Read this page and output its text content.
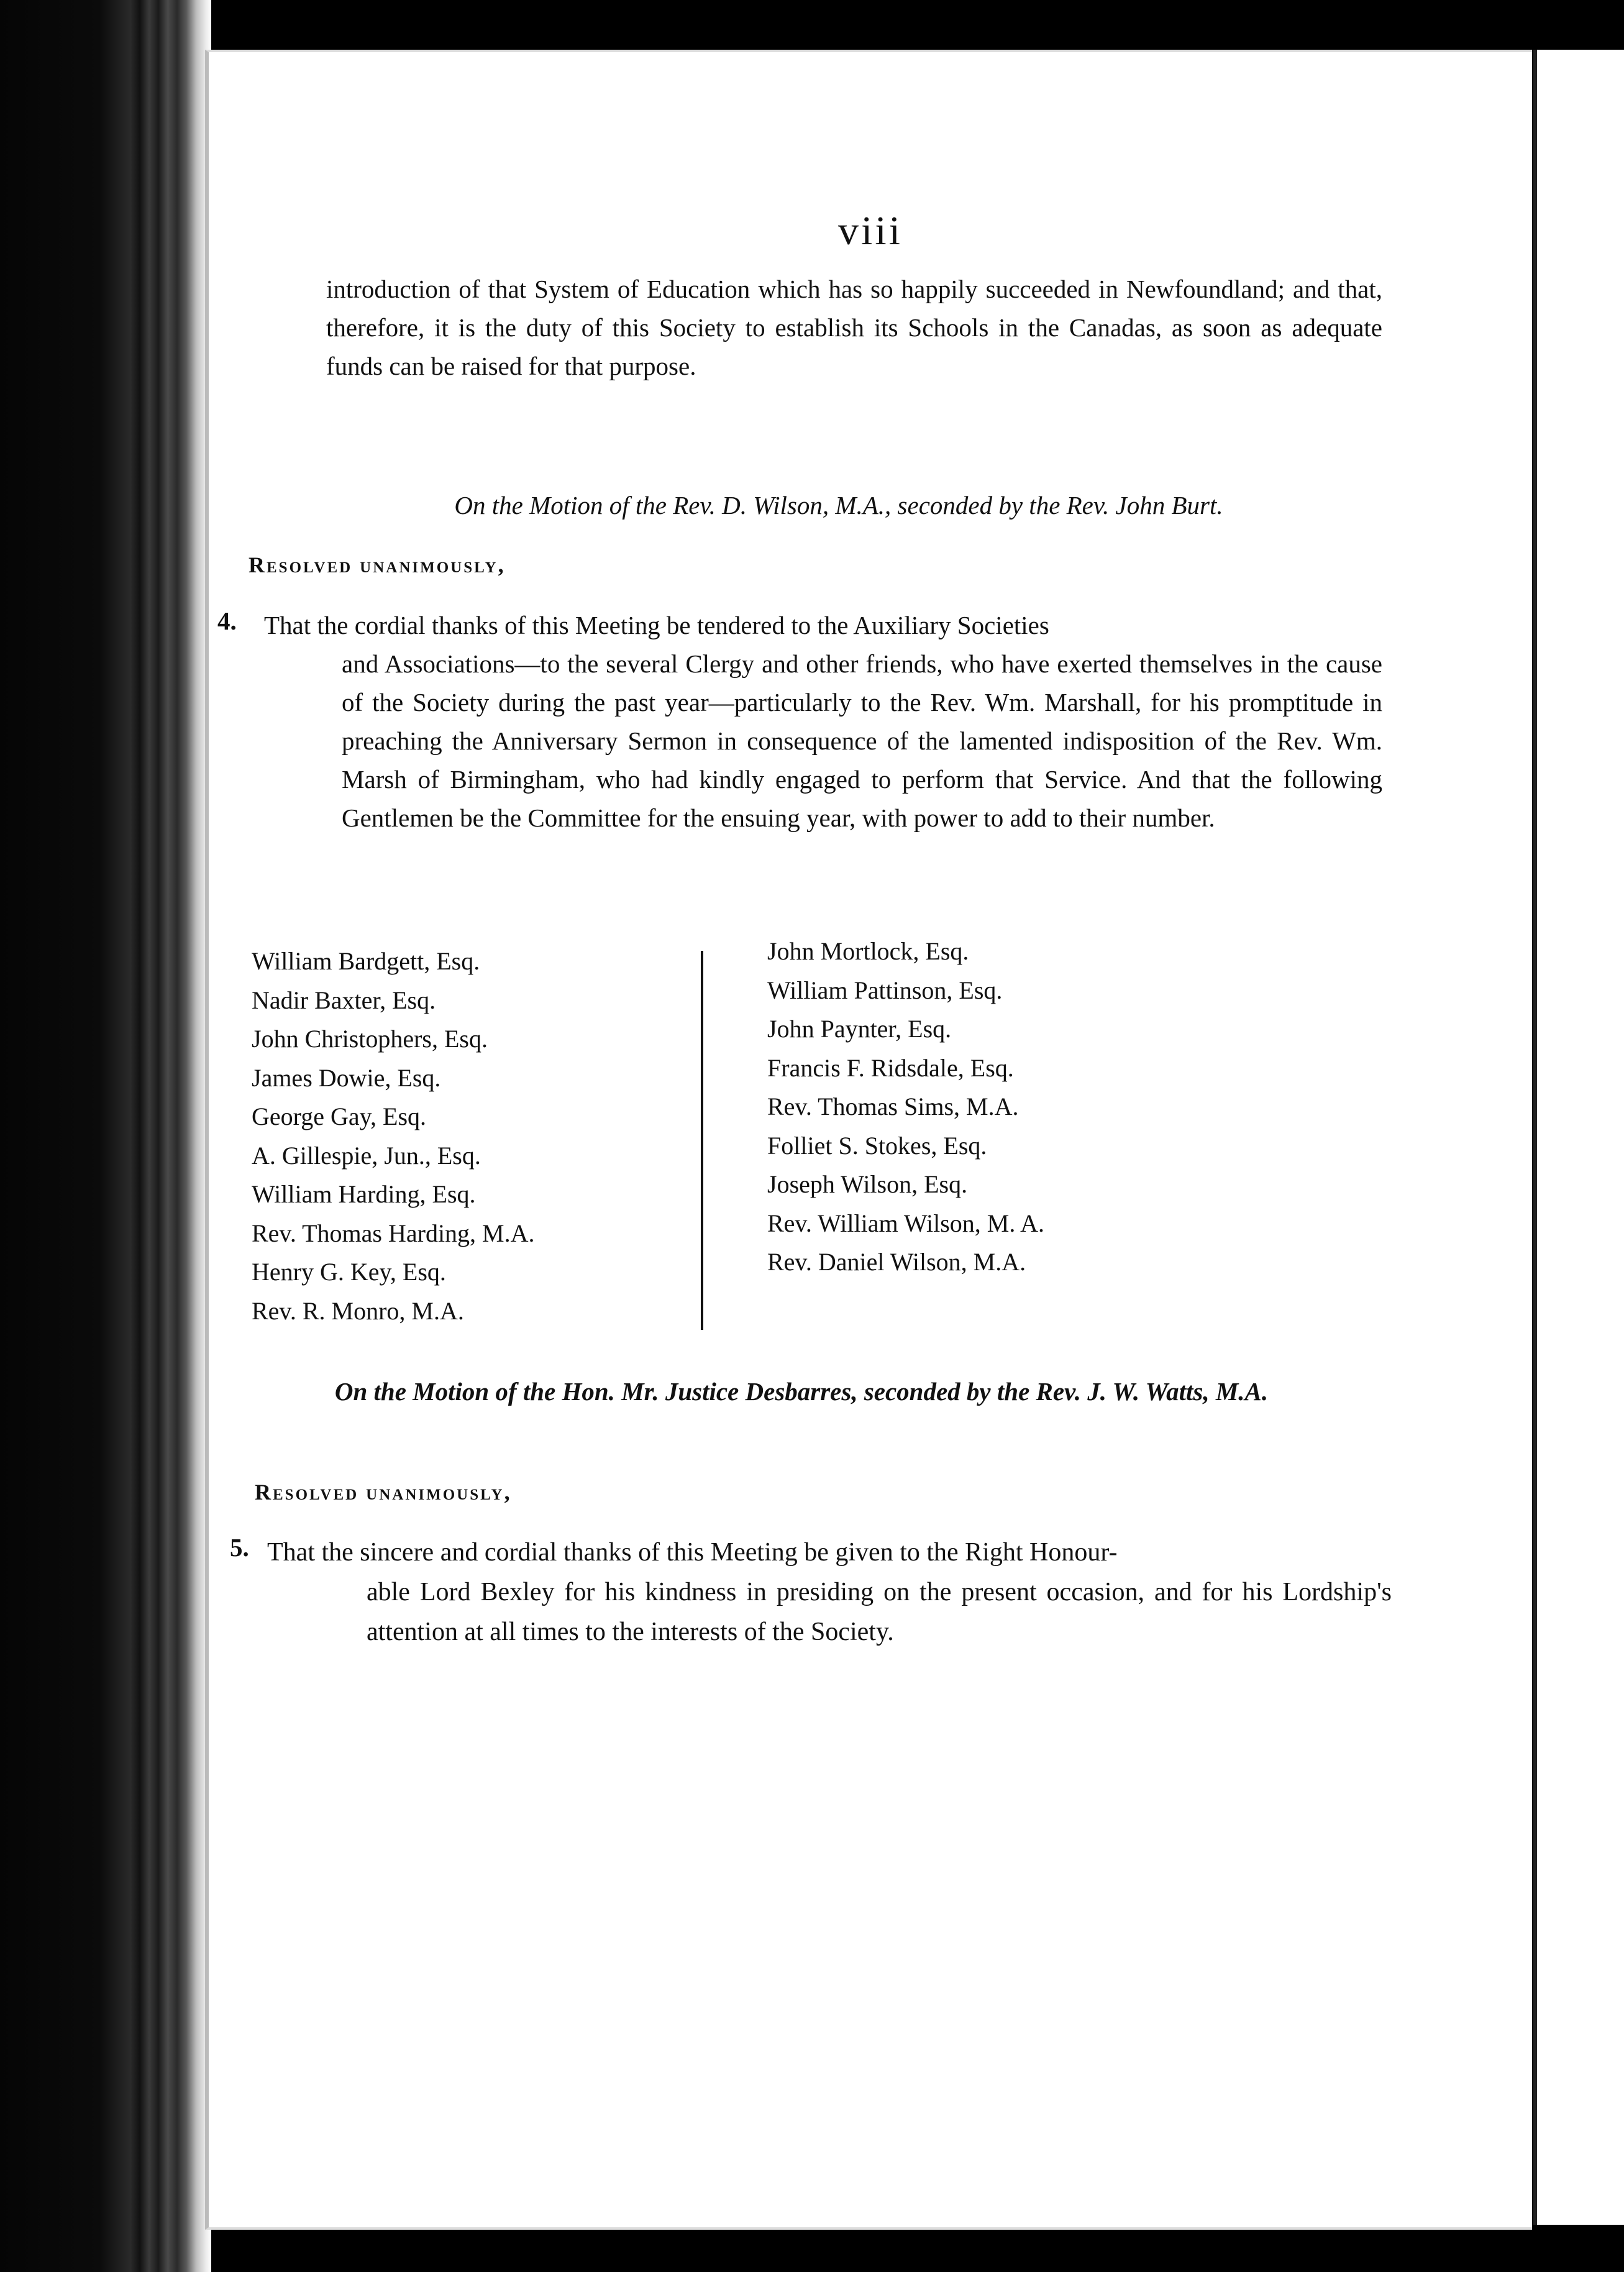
viii
introduction of that System of Education which has so happily succeeded in Newfoundland; and that, therefore, it is the duty of this Society to establish its Schools in the Canadas, as soon as adequate funds can be raised for that purpose.
On the Motion of the Rev. D. Wilson, M.A., seconded by the Rev. John Burt.
Resolved unanimously,
4. That the cordial thanks of this Meeting be tendered to the Auxiliary Societies
and Associations—to the several Clergy and other friends, who have exerted themselves in the cause of the Society during the past year—particularly to the Rev. Wm. Marshall, for his promptitude in preaching the Anniversary Sermon in consequence of the lamented indisposition of the Rev. Wm. Marsh of Birmingham, who had kindly engaged to perform that Service. And that the following Gentlemen be the Committee for the ensuing year, with power to add to their number.
William Bardgett, Esq.
Nadir Baxter, Esq.
John Christophers, Esq.
James Dowie, Esq.
George Gay, Esq.
A. Gillespie, Jun., Esq.
William Harding, Esq.
Rev. Thomas Harding, M.A.
Henry G. Key, Esq.
Rev. R. Monro, M.A.
John Mortlock, Esq.
William Pattinson, Esq.
John Paynter, Esq.
Francis F. Ridsdale, Esq.
Rev. Thomas Sims, M.A.
Folliet S. Stokes, Esq.
Joseph Wilson, Esq.
Rev. William Wilson, M. A.
Rev. Daniel Wilson, M.A.
On the Motion of the Hon. Mr. Justice Desbarres, seconded by the Rev. J. W. Watts, M.A.
Resolved unanimously,
5. That the sincere and cordial thanks of this Meeting be given to the Right Honour-
able Lord Bexley for his kindness in presiding on the present occasion, and for his Lordship's attention at all times to the interests of the Society.
